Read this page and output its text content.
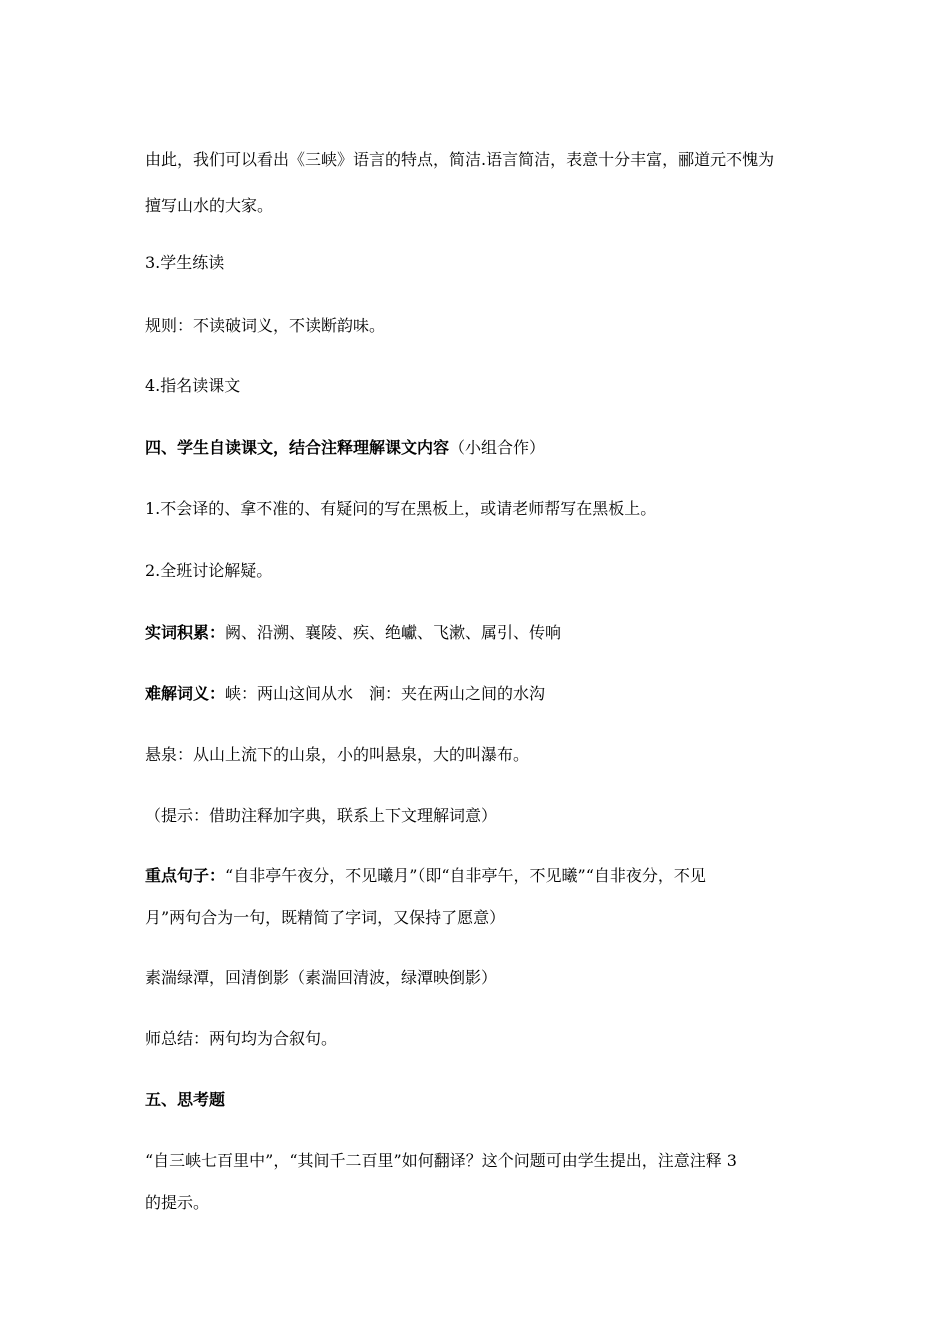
由此，我们可以看出《三峡》语言的特点，简洁.语言简洁，表意十分丰富，郦道元不愧为
擅写山水的大家。
3.学生练读
规则：不读破词义，不读断韵味。
4.指名读课文
四、学生自读课文，结合注释理解课文内容（小组合作）
1.不会译的、拿不准的、有疑问的写在黑板上，或请老师帮写在黑板上。
2.全班讨论解疑。
实词积累：阙、沿溯、襄陵、疾、绝巘、飞漱、属引、传响
难解词义：峡：两山这间从水　涧：夹在两山之间的水沟
悬泉：从山上流下的山泉，小的叫悬泉，大的叫瀑布。
（提示：借助注释加字典，联系上下文理解词意）
重点句子：“自非亭午夜分，不见曦月”（即“自非亭午，不见曦”“自非夜分，不见
月”两句合为一句，既精简了字词，又保持了愿意）
素湍绿潭，回清倒影（素湍回清波，绿潭映倒影）
师总结：两句均为合叙句。
五、思考题
“自三峡七百里中”，“其间千二百里”如何翻译？这个问题可由学生提出，注意注释 3
的提示。
